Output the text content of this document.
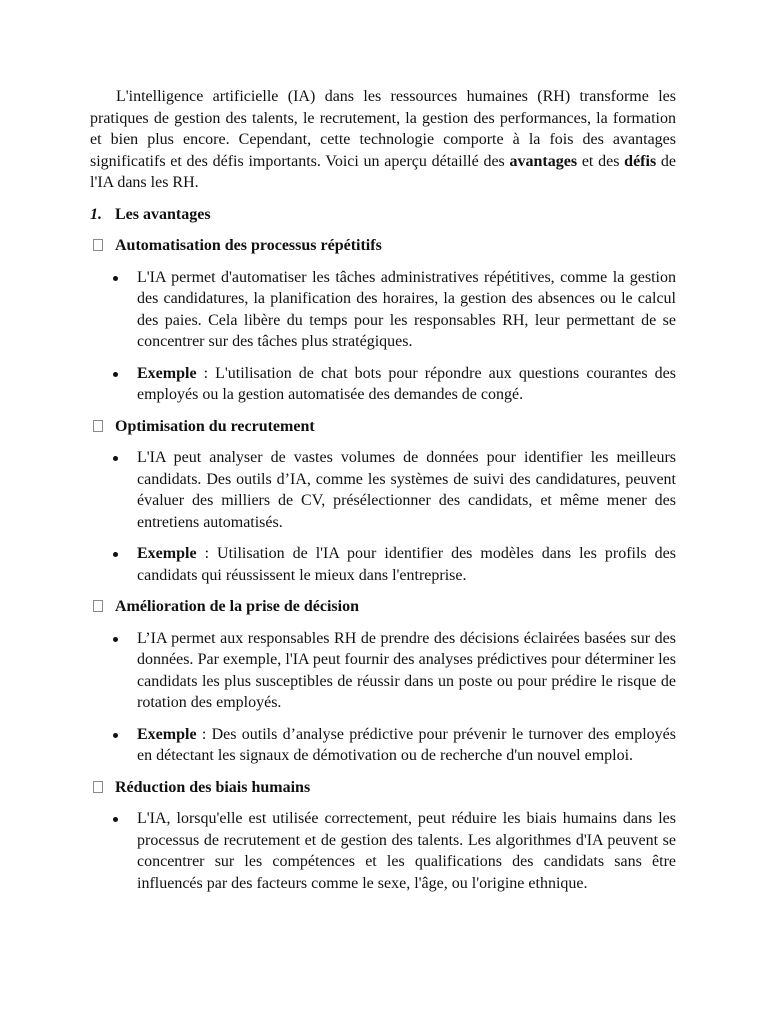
L'intelligence artificielle (IA) dans les ressources humaines (RH) transforme les pratiques de gestion des talents, le recrutement, la gestion des performances, la formation et bien plus encore. Cependant, cette technologie comporte à la fois des avantages significatifs et des défis importants. Voici un aperçu détaillé des avantages et des défis de l'IA dans les RH.

1. Les avantages
Automatisation des processus répétitifs
L'IA permet d'automatiser les tâches administratives répétitives, comme la gestion des candidatures, la planification des horaires, la gestion des absences ou le calcul des paies. Cela libère du temps pour les responsables RH, leur permettant de se concentrer sur des tâches plus stratégiques.
Exemple : L'utilisation de chat bots pour répondre aux questions courantes des employés ou la gestion automatisée des demandes de congé.
Optimisation du recrutement
L'IA peut analyser de vastes volumes de données pour identifier les meilleurs candidats. Des outils d’IA, comme les systèmes de suivi des candidatures, peuvent évaluer des milliers de CV, présélectionner des candidats, et même mener des entretiens automatisés.
Exemple : Utilisation de l'IA pour identifier des modèles dans les profils des candidats qui réussissent le mieux dans l'entreprise.
Amélioration de la prise de décision
L’IA permet aux responsables RH de prendre des décisions éclairées basées sur des données. Par exemple, l'IA peut fournir des analyses prédictives pour déterminer les candidats les plus susceptibles de réussir dans un poste ou pour prédire le risque de rotation des employés.
Exemple : Des outils d’analyse prédictive pour prévenir le turnover des employés en détectant les signaux de démotivation ou de recherche d'un nouvel emploi.
Réduction des biais humains
L'IA, lorsqu'elle est utilisée correctement, peut réduire les biais humains dans les processus de recrutement et de gestion des talents. Les algorithmes d'IA peuvent se concentrer sur les compétences et les qualifications des candidats sans être influencés par des facteurs comme le sexe, l'âge, ou l'origine ethnique.
